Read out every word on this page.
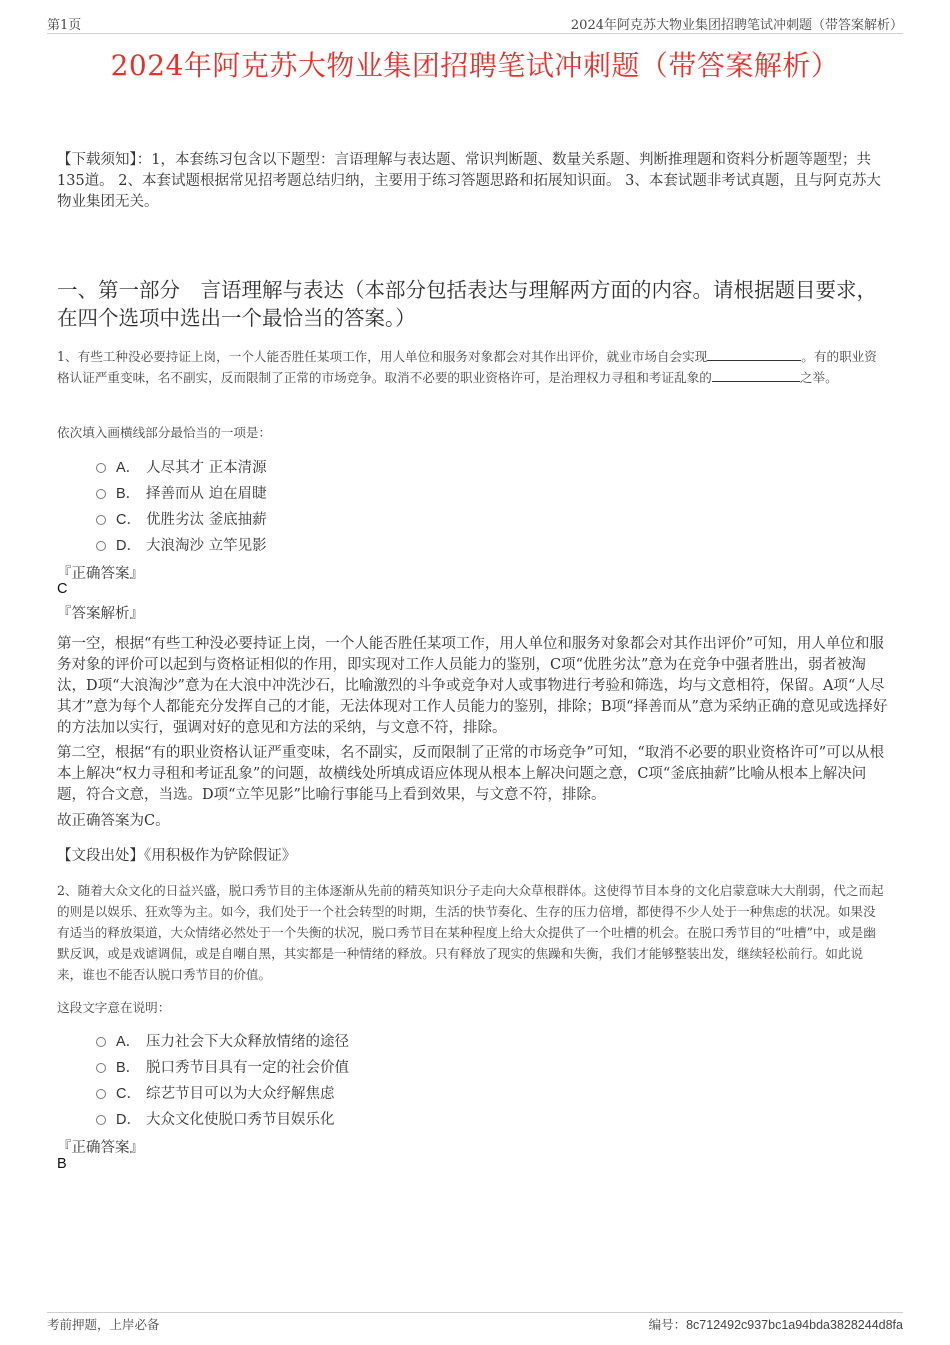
第1页	2024年阿克苏大物业集团招聘笔试冲刺题（带答案解析）
2024年阿克苏大物业集团招聘笔试冲刺题（带答案解析）
【下载须知】：1，本套练习包含以下题型：言语理解与表达题、常识判断题、数量关系题、判断推理题和资料分析题等题型；共135道。 2、本套试题根据常见招考题总结归纳，主要用于练习答题思路和拓展知识面。 3、本套试题非考试真题，且与阿克苏大物业集团无关。
一、第一部分　言语理解与表达（本部分包括表达与理解两方面的内容。请根据题目要求，在四个选项中选出一个最恰当的答案。）
1、有些工种没必要持证上岗，一个人能否胜任某项工作，用人单位和服务对象都会对其作出评价，就业市场自会实现	。有的职业资格认证严重变味，名不副实，反而限制了正常的市场竞争。取消不必要的职业资格许可，是治理权力寻租和考证乱象的	之举。
依次填入画横线部分最恰当的一项是：
A． 人尽其才 正本清源
B． 择善而从 迫在眉睫
C． 优胜劣汰 釜底抽薪
D． 大浪淘沙 立竿见影
『正确答案』
C
『答案解析』
第一空，根据“有些工种没必要持证上岗，一个人能否胜任某项工作，用人单位和服务对象都会对其作出评价”可知，用人单位和服务对象的评价可以起到与资格证相似的作用，即实现对工作人员能力的鉴别，C项“优胜劣汰”意为在竞争中强者胜出，弱者被淘汰，D项“大浪淘沙”意为在大浪中冲洗沙石，比喻激烈的斗争或竞争对人或事物进行考验和筛选，均与文意相符，保留。A项“人尽其才”意为每个人都能充分发挥自己的才能，无法体现对工作人员能力的鉴别，排除；B项“择善而从”意为采纳正确的意见或选择好的方法加以实行，强调对好的意见和方法的采纳，与文意不符，排除。
第二空，根据“有的职业资格认证严重变味，名不副实，反而限制了正常的市场竞争”可知，“取消不必要的职业资格许可”可以从根本上解决“权力寻租和考证乱象”的问题，故横线处所填成语应体现从根本上解决问题之意，C项“釜底抽薪”比喻从根本上解决问题，符合文意，当选。D项“立竿见影”比喻行事能马上看到效果，与文意不符，排除。
故正确答案为C。
【文段出处】《用积极作为铲除假证》
2、随着大众文化的日益兴盛，脱口秀节目的主体逐渐从先前的精英知识分子走向大众草根群体。这使得节目本身的文化启蒙意味大大削弱，代之而起的则是以娱乐、狂欢等为主。如今，我们处于一个社会转型的时期，生活的快节奏化、生存的压力倍增，都使得不少人处于一种焦虑的状况。如果没有适当的释放渠道，大众情绪必然处于一个失衡的状况，脱口秀节目在某种程度上给大众提供了一个吐槽的机会。在脱口秀节目的“吐槽”中，或是幽默反讽，或是戏谑调侃，或是自嘲自黑，其实都是一种情绪的释放。只有释放了现实的焦躁和失衡，我们才能够整装出发，继续轻松前行。如此说来，谁也不能否认脱口秀节目的价值。
这段文字意在说明：
A． 压力社会下大众释放情绪的途径
B． 脱口秀节目具有一定的社会价值
C． 综艺节目可以为大众纾解焦虑
D． 大众文化使脱口秀节目娱乐化
『正确答案』
B
考前押题，上岸必备	编号：8c712492c937bc1a94bda3828244d8fa
